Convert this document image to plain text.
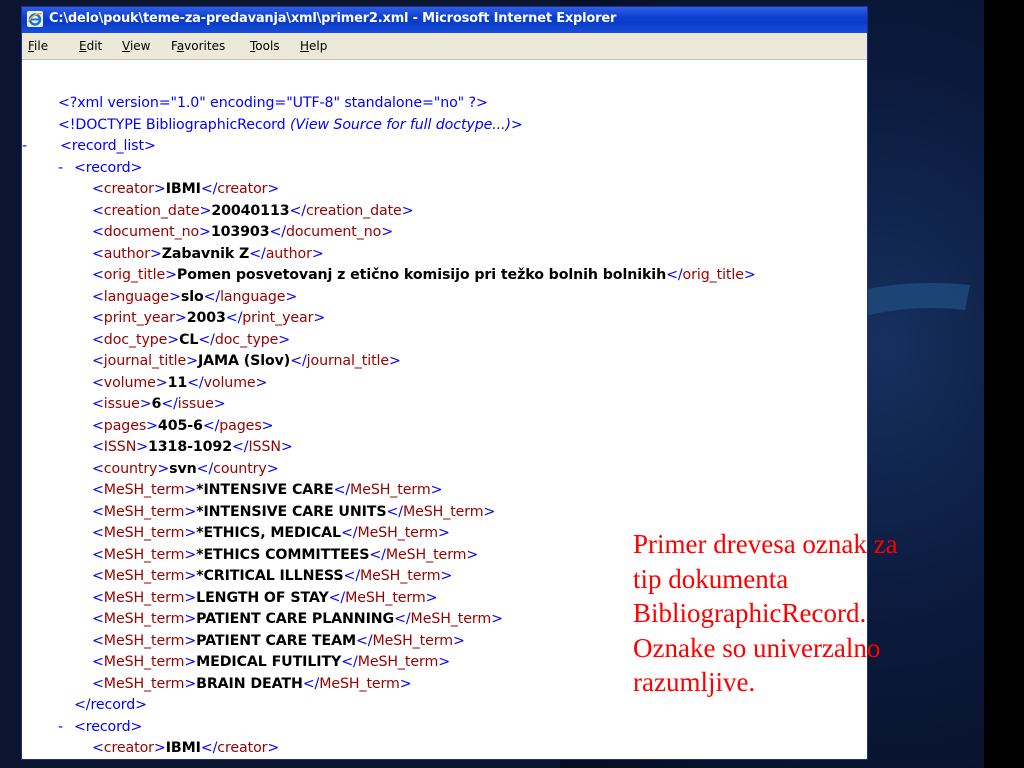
C:\delo\pouk\teme-za-predavanja\xml\primer2.xml - Microsoft Internet Explorer
File	Edit View Favorites Tools Help
<?xml version="1.0" encoding="UTF-8" standalone="no" ?>
<!DOCTYPE BibliographicRecord (View Source for full doctype...)>
- <record_list>
- <record>
<creator>IBMI</creator>
<creation_date>20040113</creation_date>
<document_no>103903</document_no>
<author>Zabavnik Z</author>
<orig_title>Pomen posvetovanj z etično komisijo pri težko bolnih bolnikih</orig_title>
<language>slo</language>
<print_year>2003</print_year>
<doc_type>CL</doc_type>
<journal_title>JAMA (Slov)</journal_title>
<volume>11</volume>
<issue>6</issue>
<pages>405-6</pages>
<ISSN>1318-1092</ISSN>
<country>svn</country>
<MeSH_term>*INTENSIVE CARE</MeSH_term>
<MeSH_term>*INTENSIVE CARE UNITS</MeSH_term>
<MeSH_term>*ETHICS, MEDICAL</MeSH_term>
<MeSH_term>*ETHICS COMMITTEES</MeSH_term>
<MeSH_term>*CRITICAL ILLNESS</MeSH_term>
<MeSH_term>LENGTH OF STAY</MeSH_term>
<MeSH_term>PATIENT CARE PLANNING</MeSH_term>
<MeSH_term>PATIENT CARE TEAM</MeSH_term>
<MeSH_term>MEDICAL FUTILITY</MeSH_term>
<MeSH_term>BRAIN DEATH</MeSH_term>
</record>
- <record>
<creator>IBMI</creator>
Primer drevesa oznak za
tip dokumenta
BibliographicRecord.
Oznake so univerzalno
razumljive.
